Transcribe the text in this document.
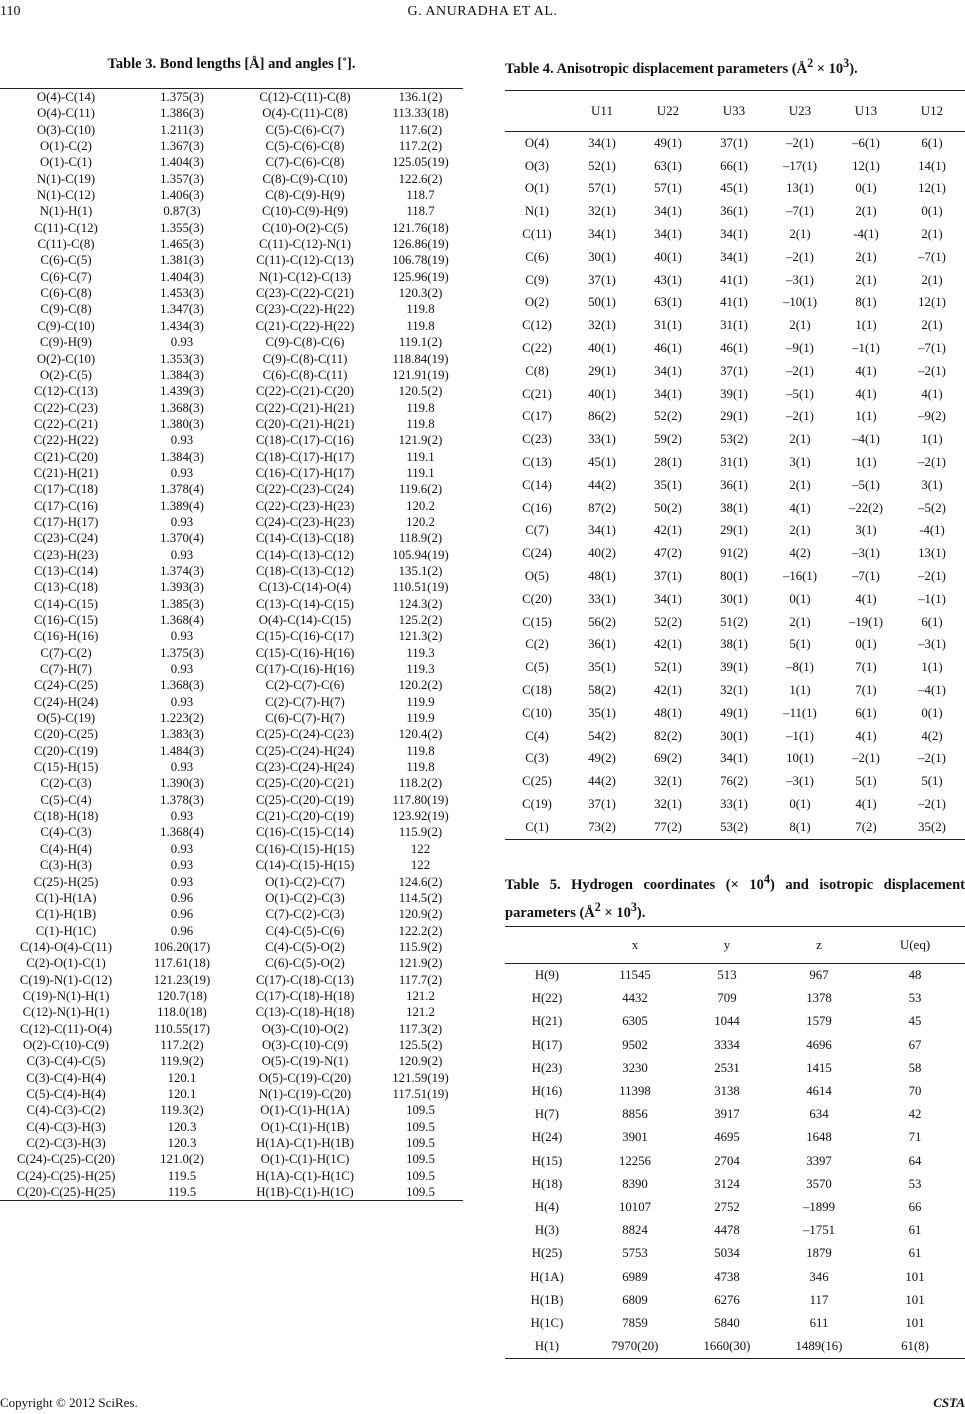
110	G. ANURADHA ET AL.
Table 3. Bond lengths [Å] and angles [˚].
O(4)-C(14)	1.375(3)	C(12)-C(11)-C(8)	136.1(2)
O(4)-C(11)	1.386(3)	O(4)-C(11)-C(8)	113.33(18)
O(3)-C(10)	1.211(3)	C(5)-C(6)-C(7)	117.6(2)
O(1)-C(2)	1.367(3)	C(5)-C(6)-C(8)	117.2(2)
O(1)-C(1)	1.404(3)	C(7)-C(6)-C(8)	125.05(19)
N(1)-C(19)	1.357(3)	C(8)-C(9)-C(10)	122.6(2)
N(1)-C(12)	1.406(3)	C(8)-C(9)-H(9)	118.7
N(1)-H(1)	0.87(3)	C(10)-C(9)-H(9)	118.7
C(11)-C(12)	1.355(3)	C(10)-O(2)-C(5)	121.76(18)
C(11)-C(8)	1.465(3)	C(11)-C(12)-N(1)	126.86(19)
C(6)-C(5)	1.381(3)	C(11)-C(12)-C(13)	106.78(19)
C(6)-C(7)	1.404(3)	N(1)-C(12)-C(13)	125.96(19)
C(6)-C(8)	1.453(3)	C(23)-C(22)-C(21)	120.3(2)
C(9)-C(8)	1.347(3)	C(23)-C(22)-H(22)	119.8
C(9)-C(10)	1.434(3)	C(21)-C(22)-H(22)	119.8
C(9)-H(9)	0.93	C(9)-C(8)-C(6)	119.1(2)
O(2)-C(10)	1.353(3)	C(9)-C(8)-C(11)	118.84(19)
O(2)-C(5)	1.384(3)	C(6)-C(8)-C(11)	121.91(19)
C(12)-C(13)	1.439(3)	C(22)-C(21)-C(20)	120.5(2)
C(22)-C(23)	1.368(3)	C(22)-C(21)-H(21)	119.8
C(22)-C(21)	1.380(3)	C(20)-C(21)-H(21)	119.8
C(22)-H(22)	0.93	C(18)-C(17)-C(16)	121.9(2)
C(21)-C(20)	1.384(3)	C(18)-C(17)-H(17)	119.1
C(21)-H(21)	0.93	C(16)-C(17)-H(17)	119.1
C(17)-C(18)	1.378(4)	C(22)-C(23)-C(24)	119.6(2)
C(17)-C(16)	1.389(4)	C(22)-C(23)-H(23)	120.2
C(17)-H(17)	0.93	C(24)-C(23)-H(23)	120.2
C(23)-C(24)	1.370(4)	C(14)-C(13)-C(18)	118.9(2)
C(23)-H(23)	0.93	C(14)-C(13)-C(12)	105.94(19)
C(13)-C(14)	1.374(3)	C(18)-C(13)-C(12)	135.1(2)
C(13)-C(18)	1.393(3)	C(13)-C(14)-O(4)	110.51(19)
C(14)-C(15)	1.385(3)	C(13)-C(14)-C(15)	124.3(2)
C(16)-C(15)	1.368(4)	O(4)-C(14)-C(15)	125.2(2)
C(16)-H(16)	0.93	C(15)-C(16)-C(17)	121.3(2)
C(7)-C(2)	1.375(3)	C(15)-C(16)-H(16)	119.3
C(7)-H(7)	0.93	C(17)-C(16)-H(16)	119.3
C(24)-C(25)	1.368(3)	C(2)-C(7)-C(6)	120.2(2)
C(24)-H(24)	0.93	C(2)-C(7)-H(7)	119.9
O(5)-C(19)	1.223(2)	C(6)-C(7)-H(7)	119.9
C(20)-C(25)	1.383(3)	C(25)-C(24)-C(23)	120.4(2)
C(20)-C(19)	1.484(3)	C(25)-C(24)-H(24)	119.8
C(15)-H(15)	0.93	C(23)-C(24)-H(24)	119.8
C(2)-C(3)	1.390(3)	C(25)-C(20)-C(21)	118.2(2)
C(5)-C(4)	1.378(3)	C(25)-C(20)-C(19)	117.80(19)
C(18)-H(18)	0.93	C(21)-C(20)-C(19)	123.92(19)
C(4)-C(3)	1.368(4)	C(16)-C(15)-C(14)	115.9(2)
C(4)-H(4)	0.93	C(16)-C(15)-H(15)	122
C(3)-H(3)	0.93	C(14)-C(15)-H(15)	122
C(25)-H(25)	0.93	O(1)-C(2)-C(7)	124.6(2)
C(1)-H(1A)	0.96	O(1)-C(2)-C(3)	114.5(2)
C(1)-H(1B)	0.96	C(7)-C(2)-C(3)	120.9(2)
C(1)-H(1C)	0.96	C(4)-C(5)-C(6)	122.2(2)
C(14)-O(4)-C(11)	106.20(17)	C(4)-C(5)-O(2)	115.9(2)
C(2)-O(1)-C(1)	117.61(18)	C(6)-C(5)-O(2)	121.9(2)
C(19)-N(1)-C(12)	121.23(19)	C(17)-C(18)-C(13)	117.7(2)
C(19)-N(1)-H(1)	120.7(18)	C(17)-C(18)-H(18)	121.2
C(12)-N(1)-H(1)	118.0(18)	C(13)-C(18)-H(18)	121.2
C(12)-C(11)-O(4)	110.55(17)	O(3)-C(10)-O(2)	117.3(2)
O(2)-C(10)-C(9)	117.2(2)	O(3)-C(10)-C(9)	125.5(2)
C(3)-C(4)-C(5)	119.9(2)	O(5)-C(19)-N(1)	120.9(2)
C(3)-C(4)-H(4)	120.1	O(5)-C(19)-C(20)	121.59(19)
C(5)-C(4)-H(4)	120.1	N(1)-C(19)-C(20)	117.51(19)
C(4)-C(3)-C(2)	119.3(2)	O(1)-C(1)-H(1A)	109.5
C(4)-C(3)-H(3)	120.3	O(1)-C(1)-H(1B)	109.5
C(2)-C(3)-H(3)	120.3	H(1A)-C(1)-H(1B)	109.5
C(24)-C(25)-C(20)	121.0(2)	O(1)-C(1)-H(1C)	109.5
C(24)-C(25)-H(25)	119.5	H(1A)-C(1)-H(1C)	109.5
C(20)-C(25)-H(25)	119.5	H(1B)-C(1)-H(1C)	109.5
Table 4. Anisotropic displacement parameters $(Å^2 \times 10^3)$.
	U11	U22	U33	U23	U13	U12
O(4)	34(1)	49(1)	37(1)	–2(1)	–6(1)	6(1)
O(3)	52(1)	63(1)	66(1)	–17(1)	12(1)	14(1)
O(1)	57(1)	57(1)	45(1)	13(1)	0(1)	12(1)
N(1)	32(1)	34(1)	36(1)	–7(1)	2(1)	0(1)
C(11)	34(1)	34(1)	34(1)	2(1)	-4(1)	2(1)
C(6)	30(1)	40(1)	34(1)	–2(1)	2(1)	–7(1)
C(9)	37(1)	43(1)	41(1)	–3(1)	2(1)	2(1)
O(2)	50(1)	63(1)	41(1)	–10(1)	8(1)	12(1)
C(12)	32(1)	31(1)	31(1)	2(1)	1(1)	2(1)
C(22)	40(1)	46(1)	46(1)	–9(1)	–1(1)	–7(1)
C(8)	29(1)	34(1)	37(1)	–2(1)	4(1)	–2(1)
C(21)	40(1)	34(1)	39(1)	–5(1)	4(1)	4(1)
C(17)	86(2)	52(2)	29(1)	–2(1)	1(1)	–9(2)
C(23)	33(1)	59(2)	53(2)	2(1)	–4(1)	1(1)
C(13)	45(1)	28(1)	31(1)	3(1)	1(1)	–2(1)
C(14)	44(2)	35(1)	36(1)	2(1)	–5(1)	3(1)
C(16)	87(2)	50(2)	38(1)	4(1)	–22(2)	–5(2)
C(7)	34(1)	42(1)	29(1)	2(1)	3(1)	-4(1)
C(24)	40(2)	47(2)	91(2)	4(2)	–3(1)	13(1)
O(5)	48(1)	37(1)	80(1)	–16(1)	–7(1)	–2(1)
C(20)	33(1)	34(1)	30(1)	0(1)	4(1)	–1(1)
C(15)	56(2)	52(2)	51(2)	2(1)	–19(1)	6(1)
C(2)	36(1)	42(1)	38(1)	5(1)	0(1)	–3(1)
C(5)	35(1)	52(1)	39(1)	–8(1)	7(1)	1(1)
C(18)	58(2)	42(1)	32(1)	1(1)	7(1)	–4(1)
C(10)	35(1)	48(1)	49(1)	–11(1)	6(1)	0(1)
C(4)	54(2)	82(2)	30(1)	–1(1)	4(1)	4(2)
C(3)	49(2)	69(2)	34(1)	10(1)	–2(1)	–2(1)
C(25)	44(2)	32(1)	76(2)	–3(1)	5(1)	5(1)
C(19)	37(1)	32(1)	33(1)	0(1)	4(1)	–2(1)
C(1)	73(2)	77(2)	53(2)	8(1)	7(2)	35(2)
Table 5. Hydrogen coordinates (× $10^4$) and isotropic displacement parameters $(Å^2 \times 10^3)$.
	x	y	z	U(eq)
H(9)	11545	513	967	48
H(22)	4432	709	1378	53
H(21)	6305	1044	1579	45
H(17)	9502	3334	4696	67
H(23)	3230	2531	1415	58
H(16)	11398	3138	4614	70
H(7)	8856	3917	634	42
H(24)	3901	4695	1648	71
H(15)	12256	2704	3397	64
H(18)	8390	3124	3570	53
H(4)	10107	2752	–1899	66
H(3)	8824	4478	–1751	61
H(25)	5753	5034	1879	61
H(1A)	6989	4738	346	101
H(1B)	6809	6276	117	101
H(1C)	7859	5840	611	101
H(1)	7970(20)	1660(30)	1489(16)	61(8)
Copyright © 2012 SciRes.	CSTA
